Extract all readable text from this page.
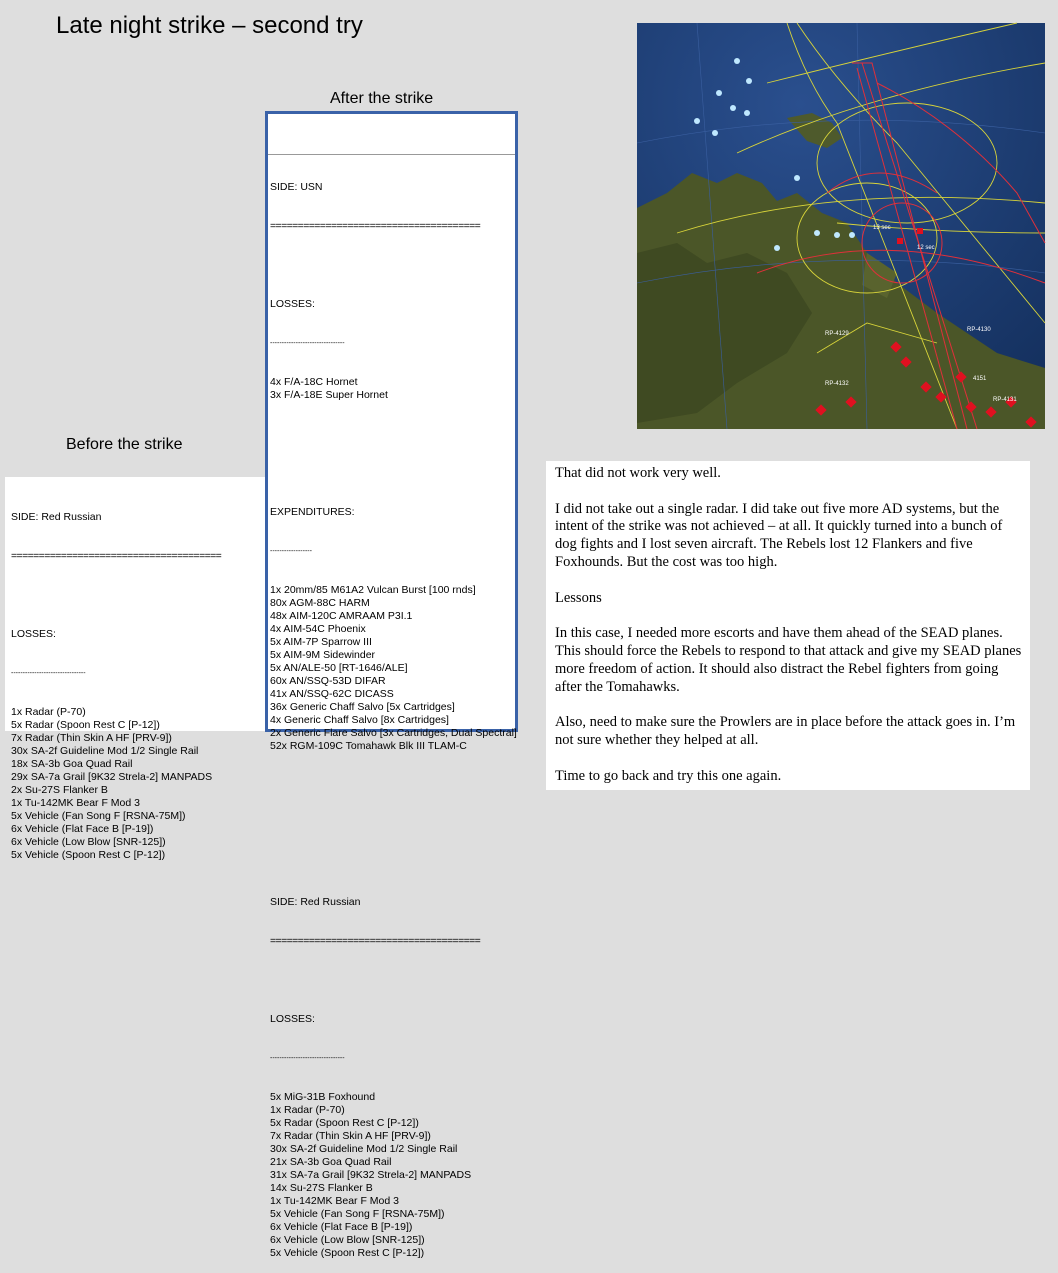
Late night strike – second try
After the strike
Before the strike

SIDE: Red Russian

======================================

LOSSES:

--------------------------------

1x Radar (P-70)
5x Radar (Spoon Rest C [P-12])
7x Radar (Thin Skin A HF [PRV-9])
30x SA-2f Guideline Mod 1/2 Single Rail
18x SA-3b Goa Quad Rail
29x SA-7a Grail [9K32 Strela-2] MANPADS
2x Su-27S Flanker B
1x Tu-142MK Bear F Mod 3
5x Vehicle (Fan Song F [RSNA-75M])
6x Vehicle (Flat Face B [P-19])
6x Vehicle (Low Blow [SNR-125])
5x Vehicle (Spoon Rest C [P-12])

SIDE: USN

======================================

LOSSES:

--------------------------------

4x F/A-18C Hornet
3x F/A-18E Super Hornet

EXPENDITURES:

------------------

1x 20mm/85 M61A2 Vulcan Burst [100 rnds]
80x AGM-88C HARM
48x AIM-120C AMRAAM P3I.1
4x AIM-54C Phoenix
5x AIM-7P Sparrow III
5x AIM-9M Sidewinder
5x AN/ALE-50 [RT-1646/ALE]
60x AN/SSQ-53D DIFAR
41x AN/SSQ-62C DICASS
36x Generic Chaff Salvo [5x Cartridges]
4x Generic Chaff Salvo [8x Cartridges]
2x Generic Flare Salvo [3x Cartridges, Dual Spectral]
52x RGM-109C Tomahawk Blk III TLAM-C

SIDE: Red Russian

======================================

LOSSES:

--------------------------------

5x MiG-31B Foxhound
1x Radar (P-70)
5x Radar (Spoon Rest C [P-12])
7x Radar (Thin Skin A HF [PRV-9])
30x SA-2f Guideline Mod 1/2 Single Rail
21x SA-3b Goa Quad Rail
31x SA-7a Grail [9K32 Strela-2] MANPADS
14x Su-27S Flanker B
1x Tu-142MK Bear F Mod 3
5x Vehicle (Fan Song F [RSNA-75M])
6x Vehicle (Flat Face B [P-19])
6x Vehicle (Low Blow [SNR-125])
5x Vehicle (Spoon Rest C [P-12])

13 sec
12 sec
RP-4130
RP-4129
RP-4132
RP-4131
4151

That did not work very well.

I did not take out a single radar. I did take out five more AD systems, but the intent of the strike was not achieved – at all. It quickly turned into a bunch of dog fights and I lost seven aircraft. The Rebels lost 12 Flankers and five Foxhounds. But the cost was too high.

Lessons

In this case, I needed more escorts and have them ahead of the SEAD planes. This should force the Rebels to respond to that attack and give my SEAD planes more freedom of action. It should also distract the Rebel fighters from going after the Tomahawks.

Also, need to make sure the Prowlers are in place before the attack goes in. I’m not sure whether they helped at all.

Time to go back and try this one again.
